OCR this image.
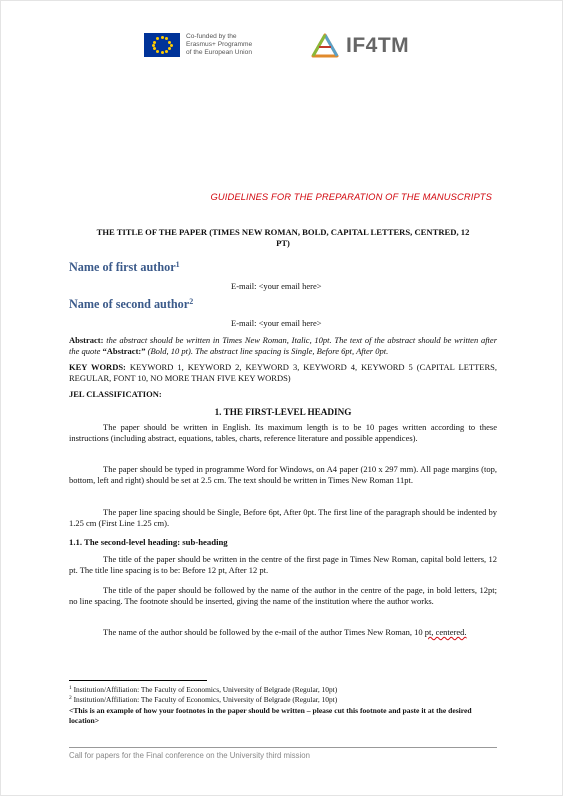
Co-funded by the
Erasmus+ Programme
of the European Union	IF4TM
GUIDELINES FOR THE PREPARATION OF THE MANUSCRIPTS
THE TITLE OF THE PAPER (TIMES NEW ROMAN, BOLD, CAPITAL LETTERS, CENTRED, 12
PT)
Name of first author$^1$
E-mail: <your email here>
Name of second author$^2$
E-mail: <your email here>
Abstract: the abstract should be written in Times New Roman, Italic, 10pt. The text of the abstract should be written after the quote “Abstract:” (Bold, 10 pt). The abstract line spacing is Single, Before 6pt, After 0pt.
KEY WORDS: KEYWORD 1, KEYWORD 2, KEYWORD 3, KEYWORD 4, KEYWORD 5 (CAPITAL LETTERS, REGULAR, FONT 10, NO MORE THAN FIVE KEY WORDS)
JEL CLASSIFICATION:
1. THE FIRST-LEVEL HEADING
The paper should be written in English. Its maximum length is to be 10 pages written according to these instructions (including abstract, equations, tables, charts, reference literature and possible appendices).
The paper should be typed in programme Word for Windows, on A4 paper (210 x 297 mm). All page margins (top, bottom, left and right) should be set at 2.5 cm. The text should be written in Times New Roman 11pt.
The paper line spacing should be Single, Before 6pt, After 0pt. The first line of the paragraph should be indented by 1.25 cm (First Line 1.25 cm).
1.1. The second-level heading: sub-heading
The title of the paper should be written in the centre of the first page in Times New Roman, capital bold letters, 12 pt. The title line spacing is to be: Before 12 pt, After 12 pt.
The title of the paper should be followed by the name of the author in the centre of the page, in bold letters, 12pt; no line spacing. The footnote should be inserted, giving the name of the institution where the author works.
The name of the author should be followed by the e-mail of the author Times New Roman, 10 pt, centered.
$^1$ Institution/Affiliation: The Faculty of Economics, University of Belgrade (Regular, 10pt)
$^2$ Institution/Affiliation: The Faculty of Economics, University of Belgrade (Regular, 10pt)
<This is an example of how your footnotes in the paper should be written – please cut this footnote and paste it at the desired location>
Call for papers for the Final conference on the University third mission
